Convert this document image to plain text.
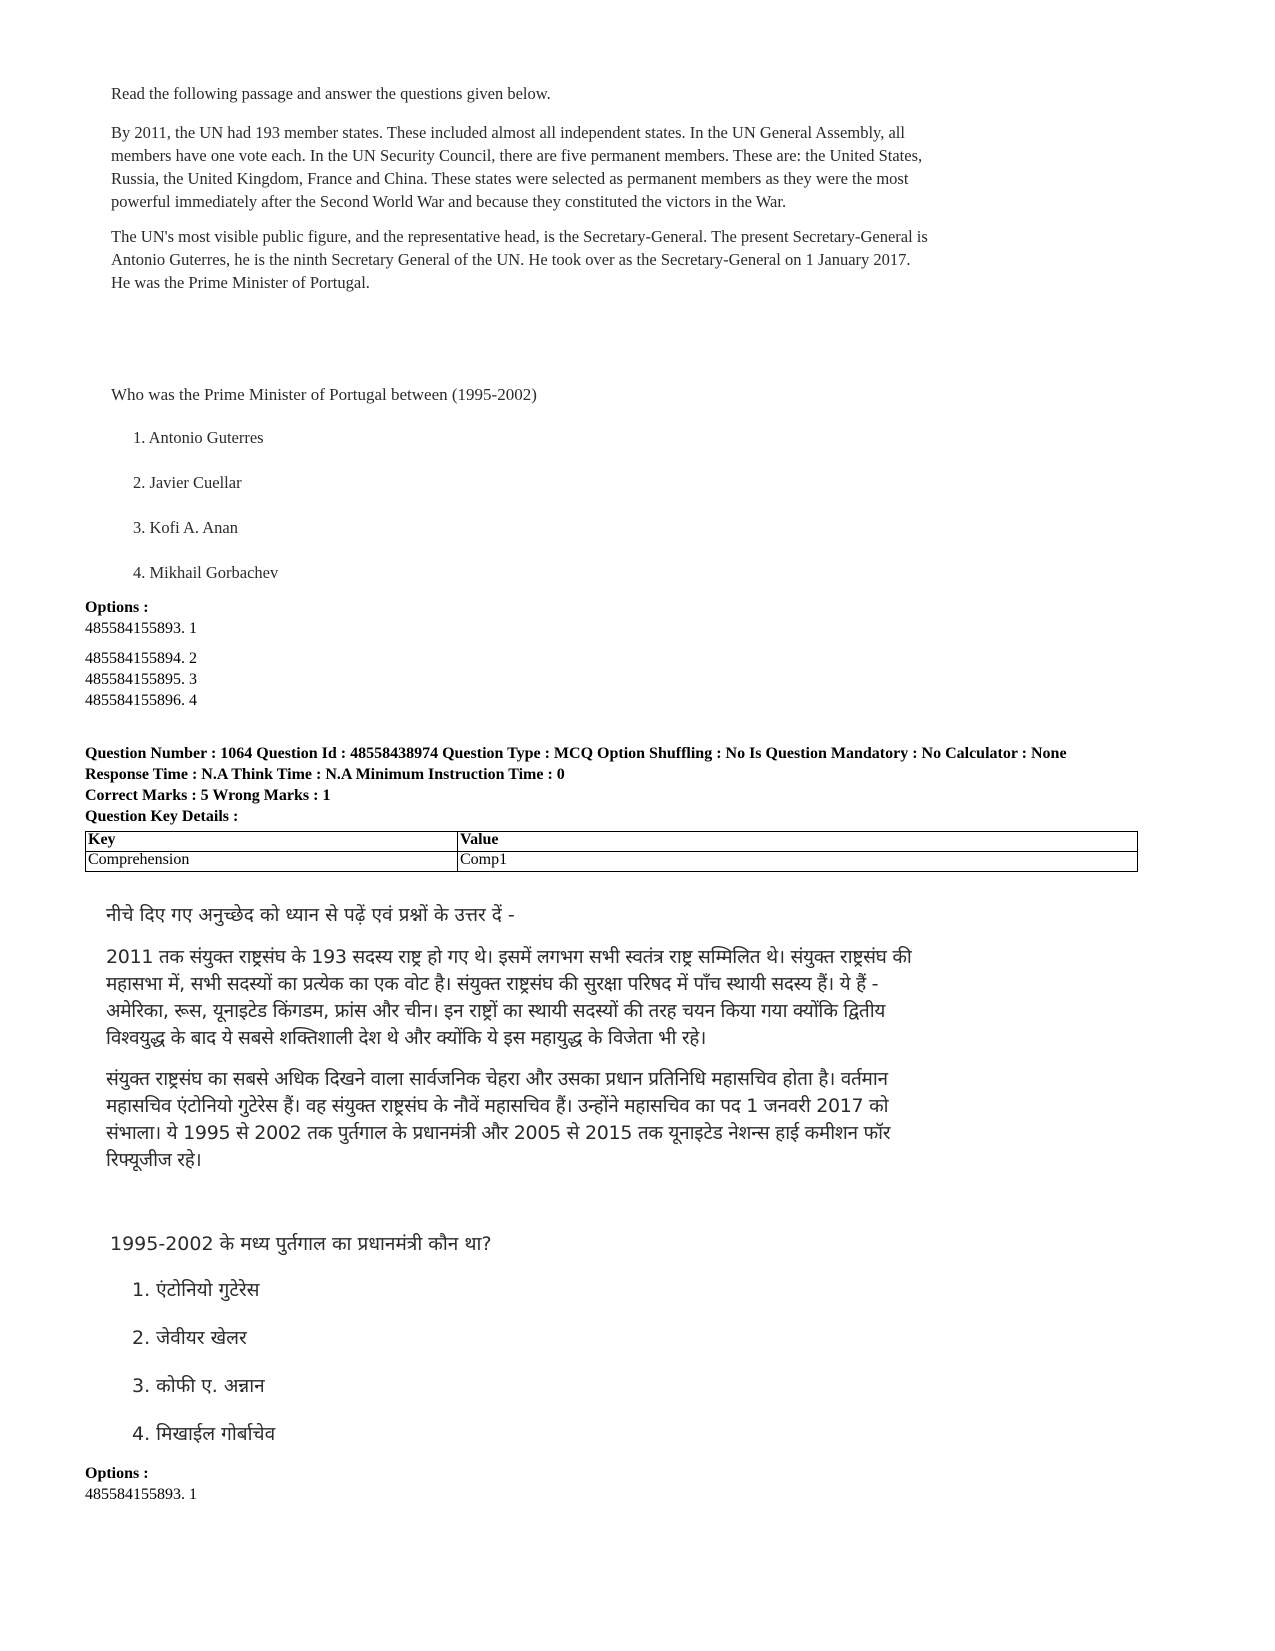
Read the following passage and answer the questions given below.

By 2011, the UN had 193 member states. These included almost all independent states. In the UN General Assembly, all members have one vote each. In the UN Security Council, there are five permanent members. These are: the United States, Russia, the United Kingdom, France and China. These states were selected as permanent members as they were the most powerful immediately after the Second World War and because they constituted the victors in the War.

The UN's most visible public figure, and the representative head, is the Secretary-General. The present Secretary-General is Antonio Guterres, he is the ninth Secretary General of the UN. He took over as the Secretary-General on 1 January 2017. He was the Prime Minister of Portugal.

Who was the Prime Minister of Portugal between (1995-2002)
1. Antonio Guterres
2. Javier Cuellar
3. Kofi A. Anan
4. Mikhail Gorbachev
Options :
485584155893. 1
485584155894. 2
485584155895. 3
485584155896. 4
Question Number : 1064 Question Id : 48558438974 Question Type : MCQ Option Shuffling : No Is Question Mandatory : No Calculator : None
Response Time : N.A Think Time : N.A Minimum Instruction Time : 0
Correct Marks : 5 Wrong Marks : 1
Question Key Details :
Key	Value
Comprehension	Comp1
नीचे दिए गए अनुच्छेद को ध्यान से पढ़ें एवं प्रश्नों के उत्तर दें -

2011 तक संयुक्त राष्ट्रसंघ के 193 सदस्य राष्ट्र हो गए थे। इसमें लगभग सभी स्वतंत्र राष्ट्र सम्मिलित थे। संयुक्त राष्ट्रसंघ की महासभा में, सभी सदस्यों का प्रत्येक का एक वोट है। संयुक्त राष्ट्रसंघ की सुरक्षा परिषद में पाँच स्थायी सदस्य हैं। ये हैं - अमेरिका, रूस, यूनाइटेड किंगडम, फ्रांस और चीन। इन राष्ट्रों का स्थायी सदस्यों की तरह चयन किया गया क्योंकि द्वितीय विश्वयुद्ध के बाद ये सबसे शक्तिशाली देश थे और क्योंकि ये इस महायुद्ध के विजेता भी रहे।

संयुक्त राष्ट्रसंघ का सबसे अधिक दिखने वाला सार्वजनिक चेहरा और उसका प्रधान प्रतिनिधि महासचिव होता है। वर्तमान महासचिव एंटोनियो गुटेरेस हैं। वह संयुक्त राष्ट्रसंघ के नौवें महासचिव हैं। उन्होंने महासचिव का पद 1 जनवरी 2017 को संभाला। ये 1995 से 2002 तक पुर्तगाल के प्रधानमंत्री और 2005 से 2015 तक यूनाइटेड नेशन्स हाई कमीशन फॉर रिफ्यूजीज रहे।

1995-2002 के मध्य पुर्तगाल का प्रधानमंत्री कौन था?
1. एंटोनियो गुटेरेस
2. जेवीयर खेलर
3. कोफी ए. अन्नान
4. मिखाईल गोर्बाचेव
Options :
485584155893. 1
